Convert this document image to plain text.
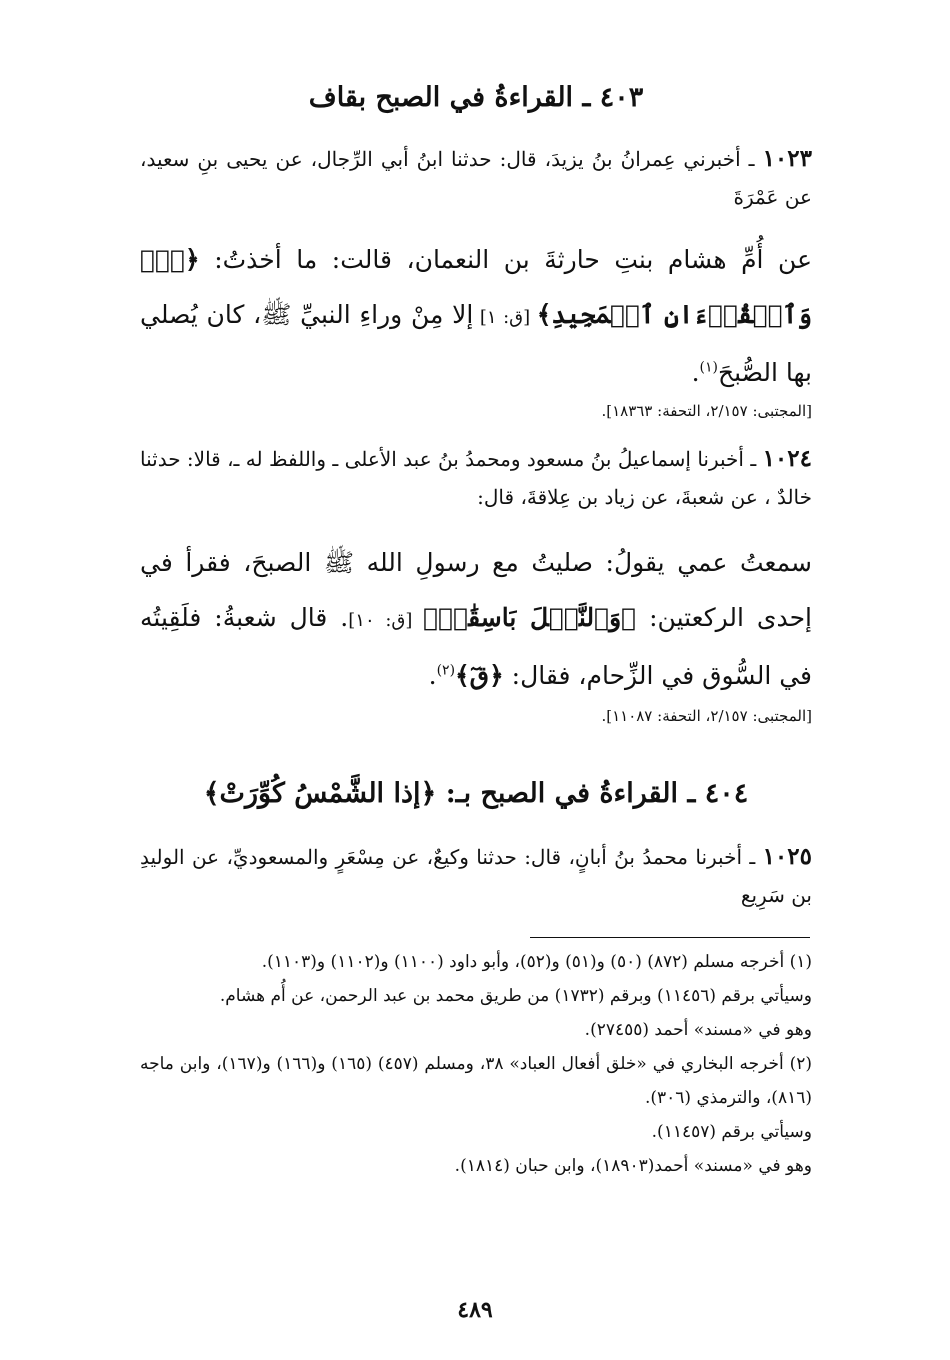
٤٠٣ ـ القراءةُ في الصبح بقاف
١٠٢٣ ـ أخبرني عِمرانُ بنُ يزيدَ، قال: حدثنا ابنُ أبي الرِّجال، عن يحيى بنِ سعيد، عن عَمْرَةَ
عن أُمِّ هشام بنتِ حارثةَ بن النعمان، قالت: ما أخذتُ: ﴿قٓۚ وَٱلۡقُرۡءَانِ ٱلۡمَجِيدِ﴾ [ق: ١] إلا مِنْ وراءِ النبيِّ ﷺ، كان يُصلي بها الصُّبحَ$^{(١)}$.
[المجتبى: ٢/١٥٧، التحفة: ١٨٣٦٣].
١٠٢٤ ـ أخبرنا إسماعيلُ بنُ مسعود ومحمدُ بنُ عبد الأعلى ـ واللفظ له ـ، قالا: حدثنا خالدٌ ، عن شعبةَ، عن زياد بن عِلاقةَ، قال:
سمعتُ عمي يقولُ: صليتُ مع رسولِ الله ﷺ الصبحَ، فقرأ في إحدى الركعتين: ﴿وَٱلنَّخۡلَ بَاسِقَٰتٖ﴾ [ق: ١٠]. قال شعبةُ: فلَقِيتُه في السُّوق في الزِّحام، فقال: ﴿قٓ﴾$^{(٢)}$.
[المجتبى: ٢/١٥٧، التحفة: ١١٠٨٧].
٤٠٤ ـ القراءةُ في الصبح بـ: ﴿إذا الشَّمْسُ كُوِّرَتْ﴾
١٠٢٥ ـ أخبرنا محمدُ بنُ أبانٍ، قال: حدثنا وكيعٌ، عن مِسْعَرٍ والمسعوديِّ، عن الوليدِ بن سَرِيع

(١) أخرجه مسلم (٨٧٢) (٥٠) و(٥١) و(٥٢)، وأبو داود (١١٠٠) و(١١٠٢) و(١١٠٣).

وسيأتي برقم (١١٤٥٦) وبرقم (١٧٣٢) من طريق محمد بن عبد الرحمن، عن أُم هشام.

وهو في «مسند» أحمد (٢٧٤٥٥).

(٢) أخرجه البخاري في «خلق أفعال العباد» ٣٨، ومسلم (٤٥٧) (١٦٥) و(١٦٦) و(١٦٧)، وابن ماجه (٨١٦)، والترمذي (٣٠٦).

وسيأتي برقم (١١٤٥٧).

وهو في «مسند» أحمد(١٨٩٠٣)، وابن حبان (١٨١٤).

٤٨٩
